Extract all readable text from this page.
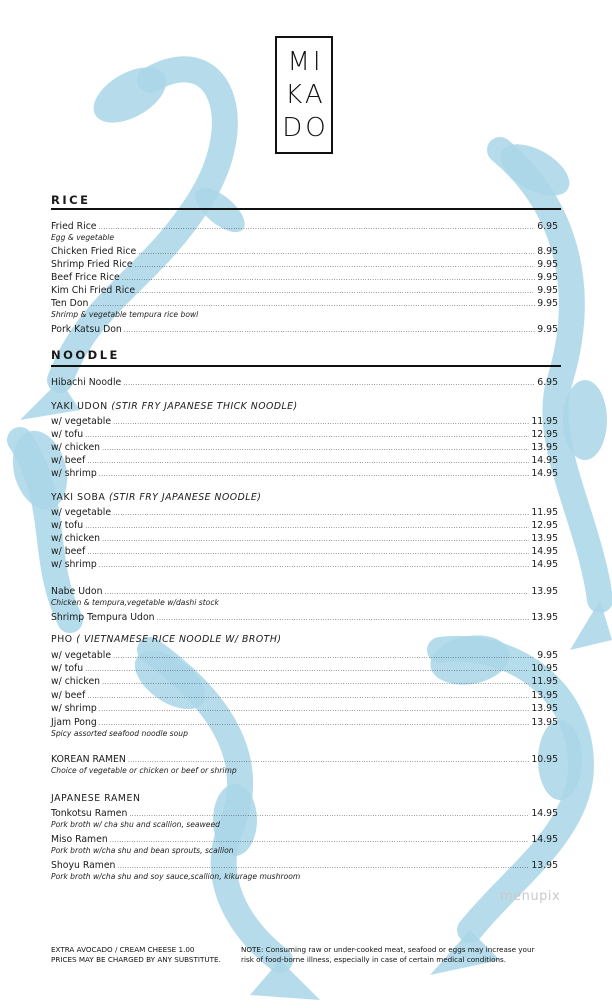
MI
KA
DO
RICE
Fried Rice .....	6.95
Egg & vegetable
Chicken Fried Rice .....	8.95
Shrimp Fried Rice .....	9.95
Beef Frice Rice .....	9.95
Kim Chi Fried Rice .....	9.95
Ten Don .....	9.95
Shrimp & vegetable tempura rice bowl
Pork Katsu Don .....	9.95
NOODLE
Hibachi Noodle .....	6.95
YAKI UDON (STIR FRY JAPANESE THICK NOODLE)
w/ vegetable .....	11.95
w/ tofu .....	12.95
w/ chicken .....	13.95
w/ beef .....	14.95
w/ shrimp .....	14.95
YAKI SOBA (STIR FRY JAPANESE NOODLE)
w/ vegetable .....	11.95
w/ tofu .....	12.95
w/ chicken .....	13.95
w/ beef .....	14.95
w/ shrimp .....	14.95
Nabe Udon .....	13.95
Chicken & tempura,vegetable w/dashi stock
Shrimp Tempura Udon .....	13.95
PHO ( VIETNAMESE RICE NOODLE W/ BROTH)
w/ vegetable .....	9.95
w/ tofu .....	10.95
w/ chicken .....	11.95
w/ beef .....	13.95
w/ shrimp .....	13.95
Jjam Pong .....	13.95
Spicy assorted seafood noodle soup
KOREAN RAMEN .....	10.95
Choice of vegetable or chicken or beef or shrimp
JAPANESE RAMEN
Tonkotsu Ramen .....	14.95
Pork broth w/ cha shu and scallion, seaweed
Miso Ramen .....	14.95
Pork broth w/cha shu and bean sprouts, scallion
Shoyu Ramen .....	13.95
Pork broth w/cha shu and soy sauce,scallion, kikurage mushroom
menupix
EXTRA AVOCADO / CREAM CHEESE 1.00
PRICES MAY BE CHARGED BY ANY SUBSTITUTE.
NOTE: Consuming raw or under-cooked meat, seafood or eggs may increase your
risk of food-borne illness, especially in case of certain medical conditions.
